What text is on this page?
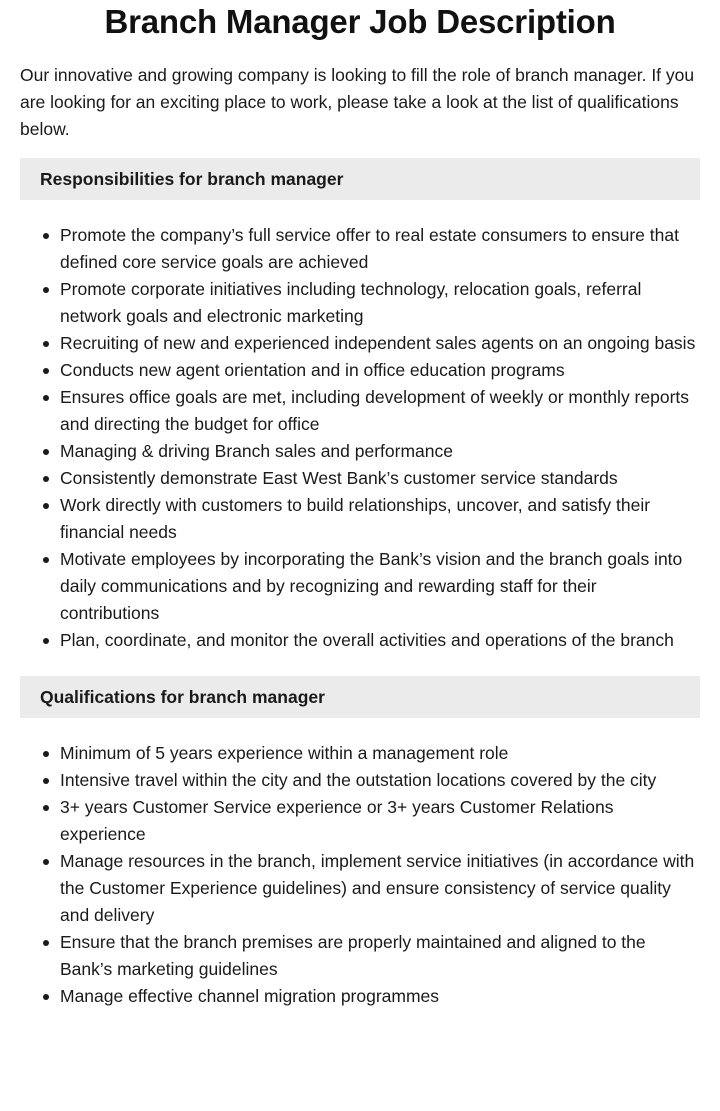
Branch Manager Job Description

Our innovative and growing company is looking to fill the role of branch manager. If you are looking for an exciting place to work, please take a look at the list of qualifications below.

Responsibilities for branch manager
Promote the company’s full service offer to real estate consumers to ensure that defined core service goals are achieved
Promote corporate initiatives including technology, relocation goals, referral network goals and electronic marketing
Recruiting of new and experienced independent sales agents on an ongoing basis
Conducts new agent orientation and in office education programs
Ensures office goals are met, including development of weekly or monthly reports and directing the budget for office
Managing & driving Branch sales and performance
Consistently demonstrate East West Bank’s customer service standards
Work directly with customers to build relationships, uncover, and satisfy their financial needs
Motivate employees by incorporating the Bank’s vision and the branch goals into daily communications and by recognizing and rewarding staff for their contributions
Plan, coordinate, and monitor the overall activities and operations of the branch
Qualifications for branch manager
Minimum of 5 years experience within a management role
Intensive travel within the city and the outstation locations covered by the city
3+ years Customer Service experience or 3+ years Customer Relations experience
Manage resources in the branch, implement service initiatives (in accordance with the Customer Experience guidelines) and ensure consistency of service quality and delivery
Ensure that the branch premises are properly maintained and aligned to the Bank’s marketing guidelines
Manage effective channel migration programmes
